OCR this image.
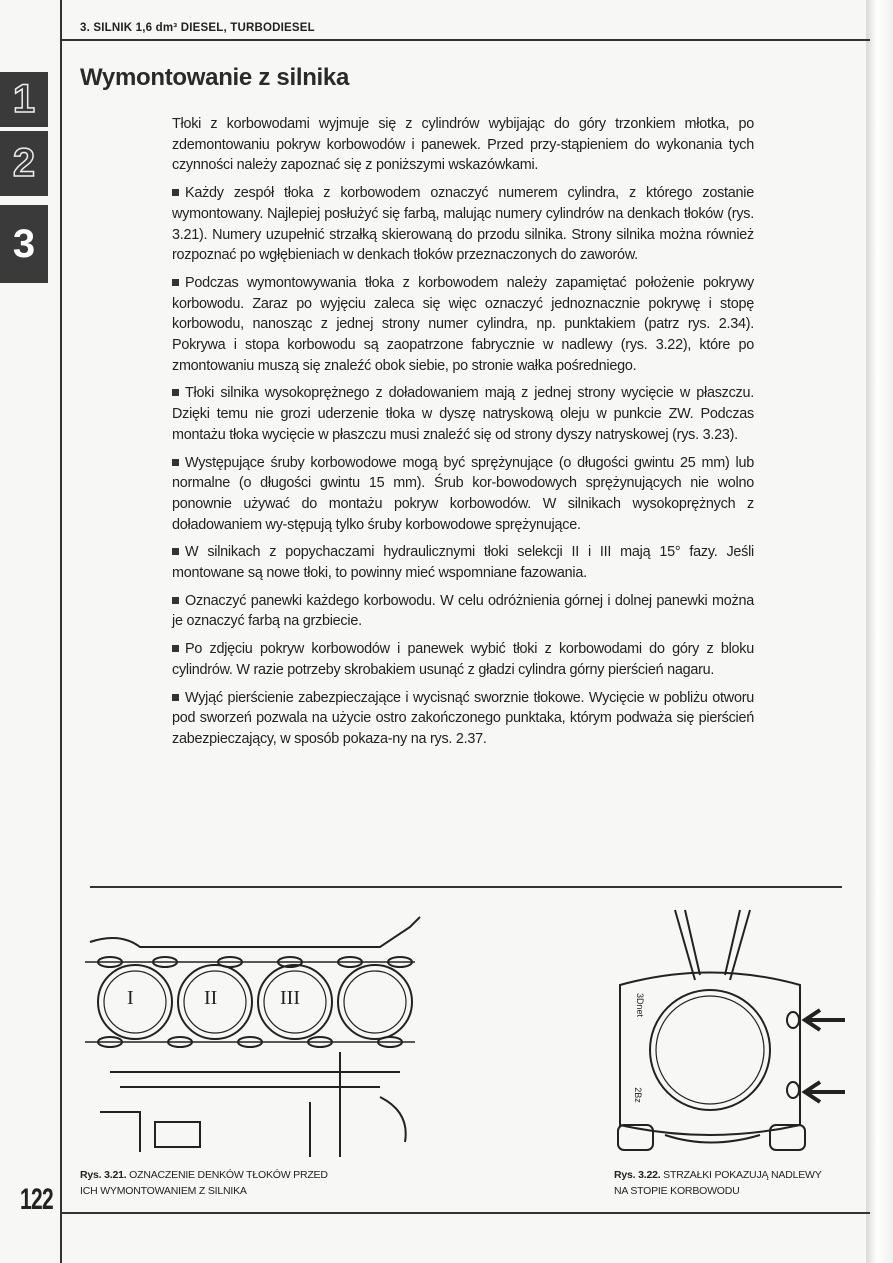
3. SILNIK 1,6 dm³ DIESEL, TURBODIESEL
1
2
3
Wymontowanie z silnika

Tłoki z korbowodami wyjmuje się z cylindrów wybijając do góry trzonkiem młotka, po zdemontowaniu pokryw korbowodów i panewek. Przed przy-stąpieniem do wykonania tych czynności należy zapoznać się z poniższymi wskazówkami.

Każdy zespół tłoka z korbowodem oznaczyć numerem cylindra, z którego zostanie wymontowany. Najlepiej posłużyć się farbą, malując numery cylindrów na denkach tłoków (rys. 3.21). Numery uzupełnić strzałką skierowaną do przodu silnika. Strony silnika można również rozpoznać po wgłębieniach w denkach tłoków przeznaczonych do zaworów.

Podczas wymontowywania tłoka z korbowodem należy zapamiętać położenie pokrywy korbowodu. Zaraz po wyjęciu zaleca się więc oznaczyć jednoznacznie pokrywę i stopę korbowodu, nanosząc z jednej strony numer cylindra, np. punktakiem (patrz rys. 2.34). Pokrywa i stopa korbowodu są zaopatrzone fabrycznie w nadlewy (rys. 3.22), które po zmontowaniu muszą się znaleźć obok siebie, po stronie wałka pośredniego.

Tłoki silnika wysokoprężnego z doładowaniem mają z jednej strony wycięcie w płaszczu. Dzięki temu nie grozi uderzenie tłoka w dyszę natryskową oleju w punkcie ZW. Podczas montażu tłoka wycięcie w płaszczu musi znaleźć się od strony dyszy natryskowej (rys. 3.23).

Występujące śruby korbowodowe mogą być sprężynujące (o długości gwintu 25 mm) lub normalne (o długości gwintu 15 mm). Śrub kor-bowodowych sprężynujących nie wolno ponownie używać do montażu pokryw korbowodów. W silnikach wysokoprężnych z doładowaniem wy-stępują tylko śruby korbowodowe sprężynujące.

W silnikach z popychaczami hydraulicznymi tłoki selekcji II i III mają 15° fazy. Jeśli montowane są nowe tłoki, to powinny mieć wspomniane fazowania.

Oznaczyć panewki każdego korbowodu. W celu odróżnienia górnej i dolnej panewki można je oznaczyć farbą na grzbiecie.

Po zdjęciu pokryw korbowodów i panewek wybić tłoki z korbowodami do góry z bloku cylindrów. W razie potrzeby skrobakiem usunąć z gładzi cylindra górny pierścień nagaru.

Wyjąć pierścienie zabezpieczające i wycisnąć sworznie tłokowe. Wycięcie w pobliżu otworu pod sworzeń pozwala na użycie ostro zakończonego punktaka, którym podważa się pierścień zabezpieczający, w sposób pokaza-ny na rys. 2.37.

I	II	III	3Dnet
2Bz
Rys. 3.21. OZNACZENIE DENKÓW TŁOKÓW PRZED
ICH WYMONTOWANIEM Z SILNIKA
Rys. 3.22. STRZAŁKI POKAZUJĄ NADLEWY
NA STOPIE KORBOWODU
122
